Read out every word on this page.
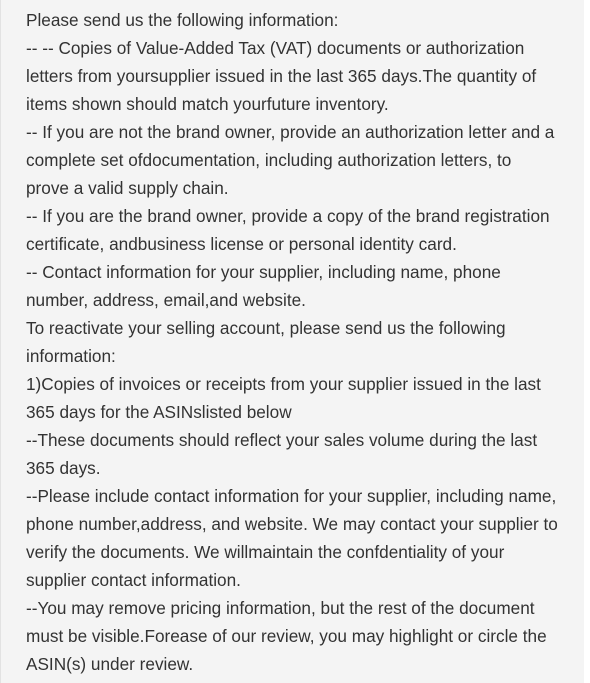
Please send us the following information:
-- -- Copies of Value-Added Tax (VAT) documents or authorization
letters from yoursupplier issued in the last 365 days.The quantity of
items shown should match yourfuture inventory.
-- If you are not the brand owner, provide an authorization letter and a
complete set ofdocumentation, including authorization letters, to
prove a valid supply chain.
-- If you are the brand owner, provide a copy of the brand registration
certificate, andbusiness license or personal identity card.
-- Contact information for your supplier, including name, phone
number, address, email,and website.
To reactivate your selling account, please send us the following
information:
1)Copies of invoices or receipts from your supplier issued in the last
365 days for the ASINslisted below
--These documents should reflect your sales volume during the last
365 days.
--Please include contact information for your supplier, including name,
phone number,address, and website. We may contact your supplier to
verify the documents. We willmaintain the confdentiality of your
supplier contact information.
--You may remove pricing information, but the rest of the document
must be visible.Forease of our review, you may highlight or circle the
ASIN(s) under review.
